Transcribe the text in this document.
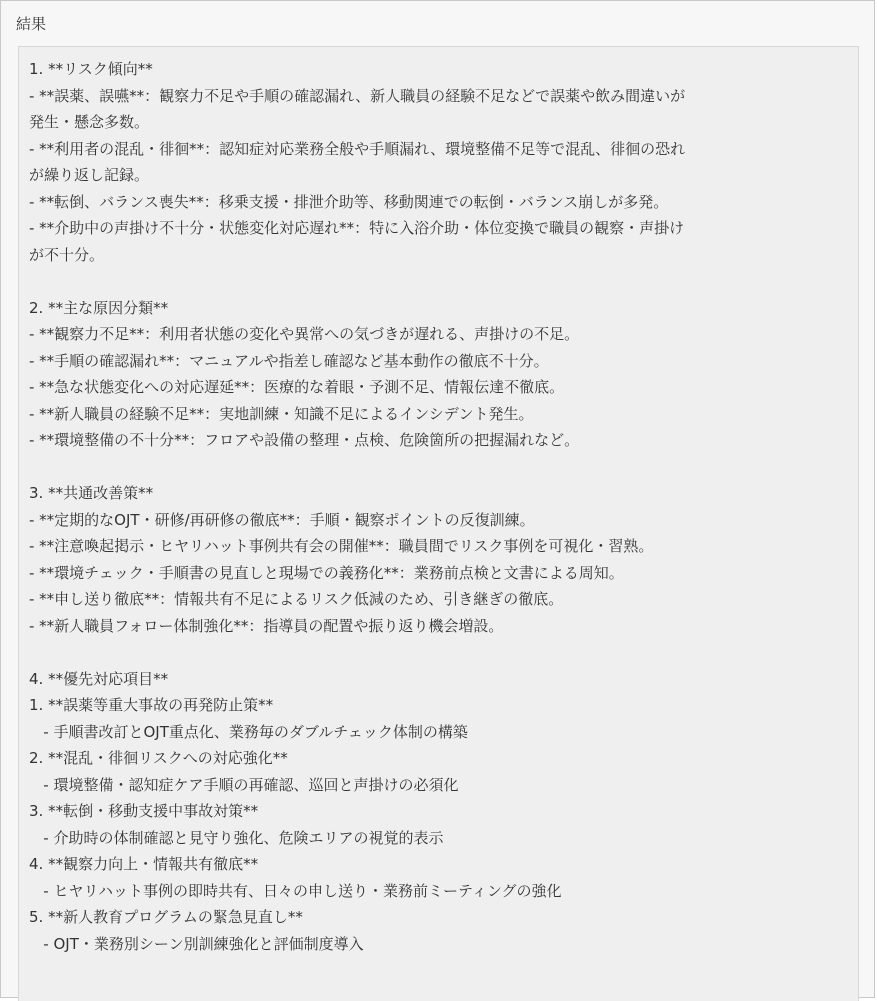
結果
1. **リスク傾向**
- **誤薬、誤嚥**：観察力不足や手順の確認漏れ、新人職員の経験不足などで誤薬や飲み間違いが
発生・懸念多数。
- **利用者の混乱・徘徊**：認知症対応業務全般や手順漏れ、環境整備不足等で混乱、徘徊の恐れ
が繰り返し記録。
- **転倒、バランス喪失**：移乗支援・排泄介助等、移動関連での転倒・バランス崩しが多発。
- **介助中の声掛け不十分・状態変化対応遅れ**：特に入浴介助・体位変換で職員の観察・声掛け
が不十分。
2. **主な原因分類**
- **観察力不足**：利用者状態の変化や異常への気づきが遅れる、声掛けの不足。
- **手順の確認漏れ**：マニュアルや指差し確認など基本動作の徹底不十分。
- **急な状態変化への対応遅延**：医療的な着眼・予測不足、情報伝達不徹底。
- **新人職員の経験不足**：実地訓練・知識不足によるインシデント発生。
- **環境整備の不十分**：フロアや設備の整理・点検、危険箇所の把握漏れなど。
3. **共通改善策**
- **定期的なOJT・研修/再研修の徹底**：手順・観察ポイントの反復訓練。
- **注意喚起掲示・ヒヤリハット事例共有会の開催**：職員間でリスク事例を可視化・習熟。
- **環境チェック・手順書の見直しと現場での義務化**：業務前点検と文書による周知。
- **申し送り徹底**：情報共有不足によるリスク低減のため、引き継ぎの徹底。
- **新人職員フォロー体制強化**：指導員の配置や振り返り機会増設。
4. **優先対応項目**
1. **誤薬等重大事故の再発防止策**
- 手順書改訂とOJT重点化、業務毎のダブルチェック体制の構築
2. **混乱・徘徊リスクへの対応強化**
- 環境整備・認知症ケア手順の再確認、巡回と声掛けの必須化
3. **転倒・移動支援中事故対策**
- 介助時の体制確認と見守り強化、危険エリアの視覚的表示
4. **観察力向上・情報共有徹底**
- ヒヤリハット事例の即時共有、日々の申し送り・業務前ミーティングの強化
5. **新人教育プログラムの緊急見直し**
- OJT・業務別シーン別訓練強化と評価制度導入
